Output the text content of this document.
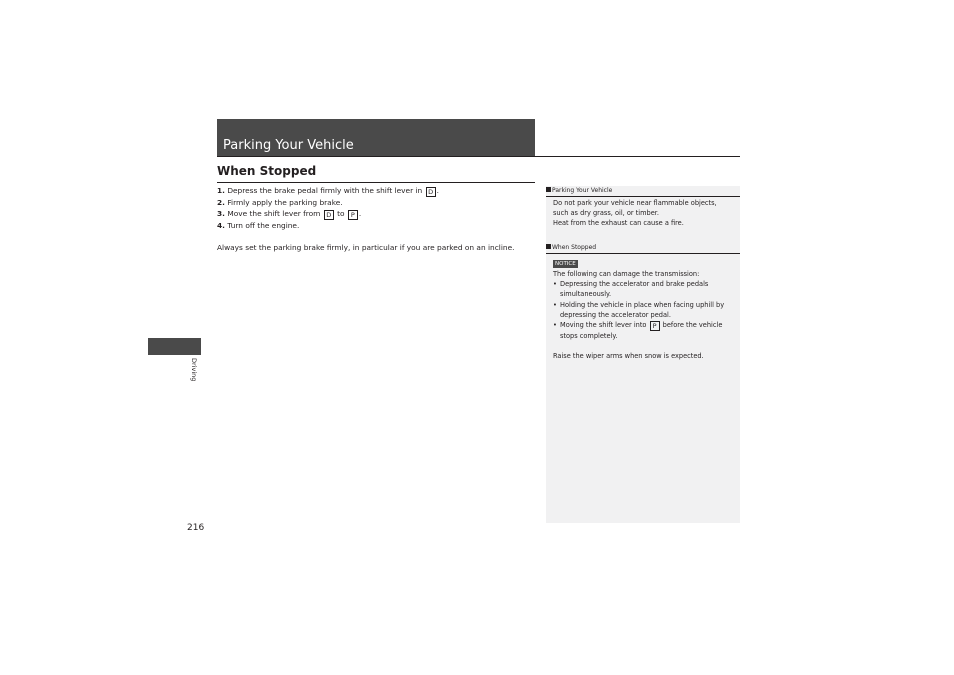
Parking Your Vehicle
When Stopped
1. Depress the brake pedal firmly with the shift lever in D .
2. Firmly apply the parking brake.
3. Move the shift lever from D to P .
4. Turn off the engine.
Always set the parking brake firmly, in particular if you are parked on an incline.
Driving
216
Parking Your Vehicle
Do not park your vehicle near flammable objects,
such as dry grass, oil, or timber.
Heat from the exhaust can cause a fire.
When Stopped
NOTICE
The following can damage the transmission:
• Depressing the accelerator and brake pedals
simultaneously.
• Holding the vehicle in place when facing uphill by
depressing the accelerator pedal.
• Moving the shift lever into P before the vehicle
stops completely.
Raise the wiper arms when snow is expected.
